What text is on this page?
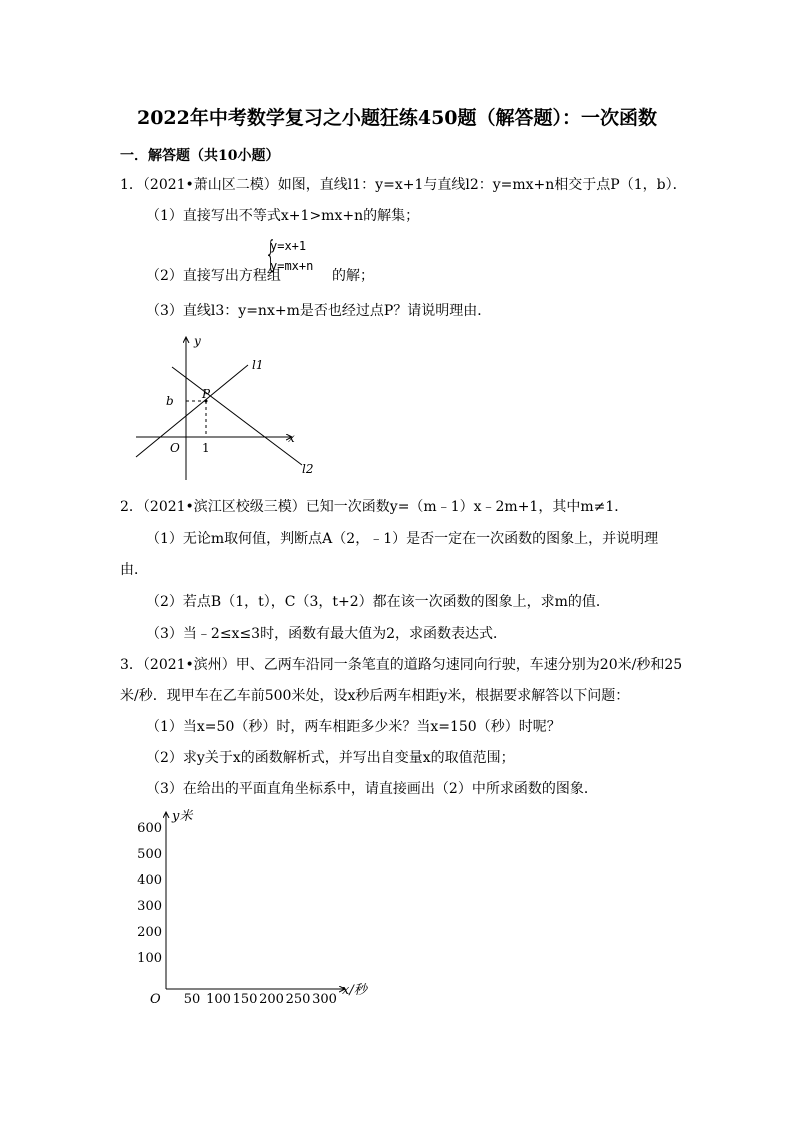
2022年中考数学复习之小题狂练450题（解答题）：一次函数
一．解答题（共10小题）
1．（2021•萧山区二模）如图，直线l1：y=x+1与直线l2：y=mx+n相交于点P（1，b）．
（1）直接写出不等式x+1>mx+n的解集；
（2）直接写出方程组
{
y=x+1
y=mx+n
的解；
（3）直线l3：y=nx+m是否也经过点P？请说明理由．
y
x
O
P
b
1
l1
l2
2．（2021•滨江区校级三模）已知一次函数y=（m﹣1）x﹣2m+1，其中m≠1．
（1）无论m取何值，判断点A（2，﹣1）是否一定在一次函数的图象上，并说明理
由．
（2）若点B（1，t），C（3，t+2）都在该一次函数的图象上，求m的值．
（3）当﹣2≤x≤3时，函数有最大值为2，求函数表达式．
3．（2021•滨州）甲、乙两车沿同一条笔直的道路匀速同向行驶，车速分别为20米/秒和25
米/秒．现甲车在乙车前500米处，设x秒后两车相距y米，根据要求解答以下问题：
（1）当x=50（秒）时，两车相距多少米？当x=150（秒）时呢？
（2）求y关于x的函数解析式，并写出自变量x的取值范围；
（3）在给出的平面直角坐标系中，请直接画出（2）中所求函数的图象．
600
500
400
300
200
100
50 100 150 200 250 300
y米
x/秒
O
